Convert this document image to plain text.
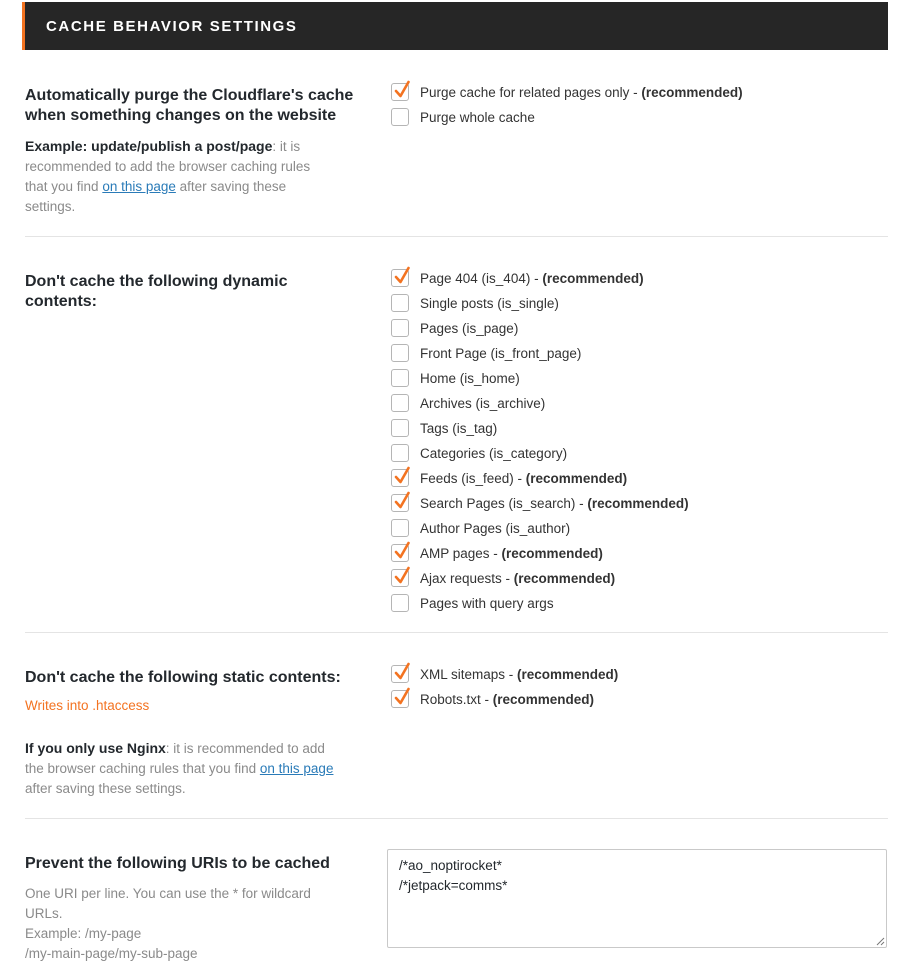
CACHE BEHAVIOR SETTINGS
Automatically purge the Cloudflare's cache
when something changes on the website
Example: update/publish a post/page: it is
recommended to add the browser caching rules
that you find on this page after saving these
settings.
Purge cache for related pages only - (recommended)
Purge whole cache
Don't cache the following dynamic
contents:
Page 404 (is_404) - (recommended)
Single posts (is_single)
Pages (is_page)
Front Page (is_front_page)
Home (is_home)
Archives (is_archive)
Tags (is_tag)
Categories (is_category)
Feeds (is_feed) - (recommended)
Search Pages (is_search) - (recommended)
Author Pages (is_author)
AMP pages - (recommended)
Ajax requests - (recommended)
Pages with query args
Don't cache the following static contents:
Writes into .htaccess
If you only use Nginx: it is recommended to add
the browser caching rules that you find on this page
after saving these settings.
XML sitemaps - (recommended)
Robots.txt - (recommended)
Prevent the following URIs to be cached
One URI per line. You can use the * for wildcard
URLs.
Example: /my-page
/my-main-page/my-sub-page
/*ao_noptirocket*
/*jetpack=comms*
